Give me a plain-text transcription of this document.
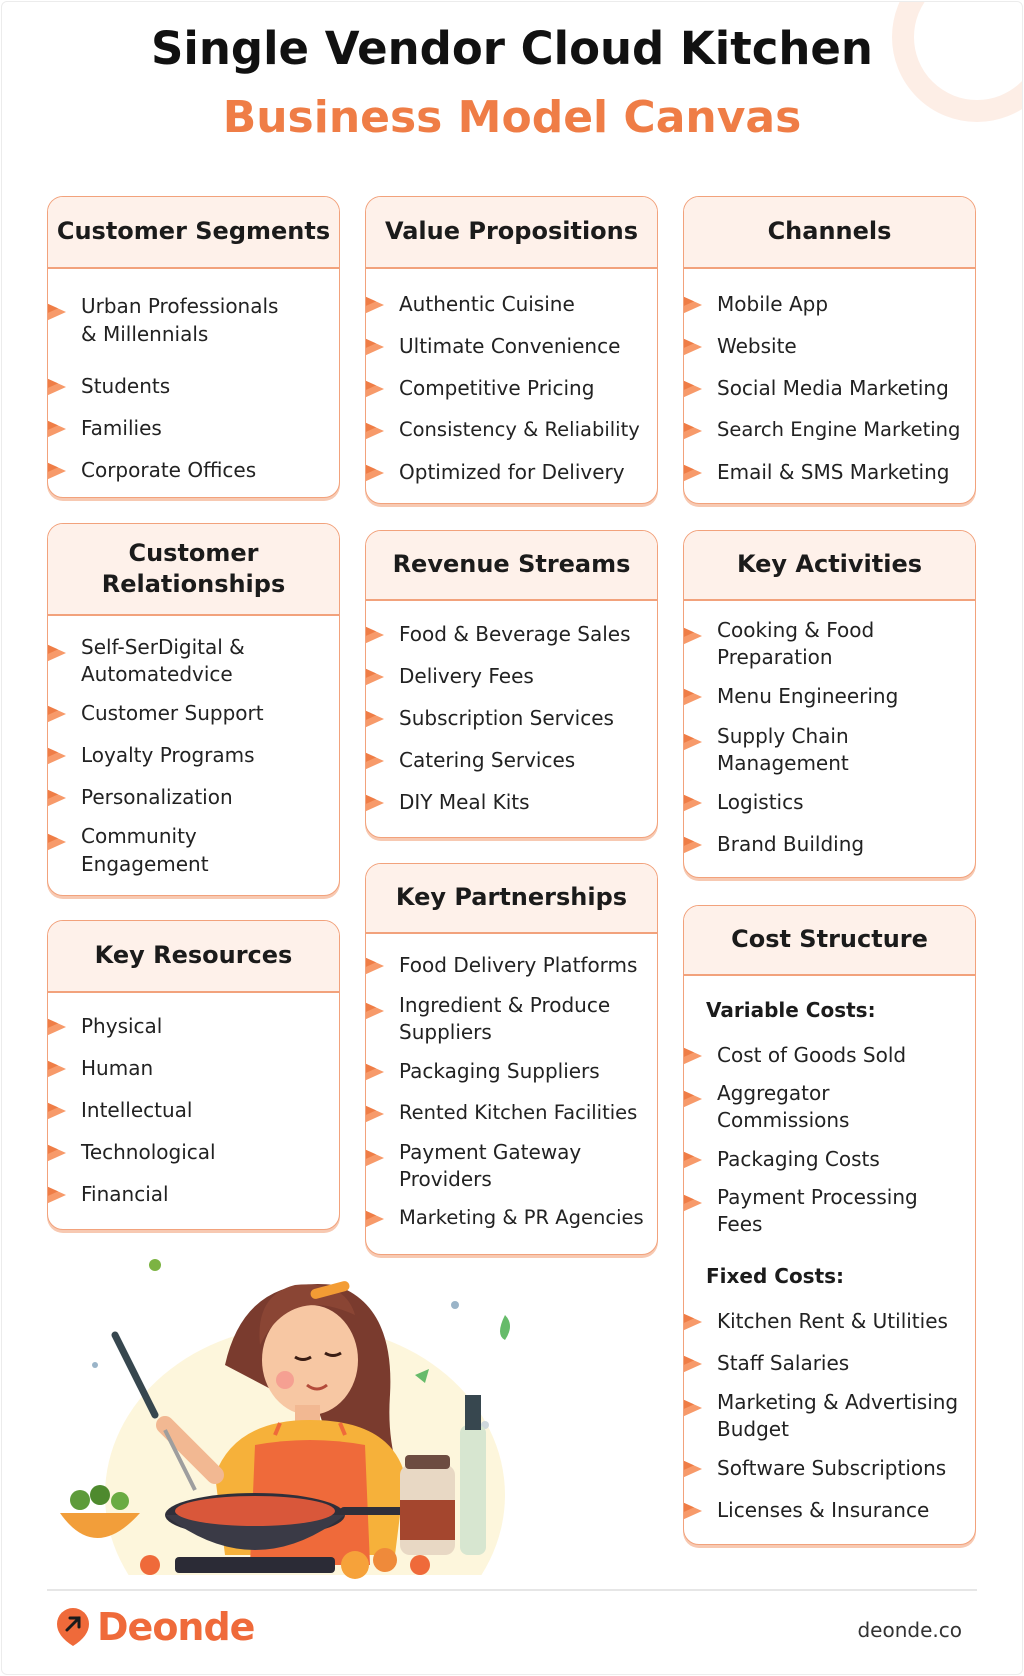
Single Vendor Cloud Kitchen
Business Model Canvas
Customer Segments
Urban Professionals
& Millennials
Students
Families
Corporate Offices
Value Propositions
Authentic Cuisine
Ultimate Convenience
Competitive Pricing
Consistency & Reliability
Optimized for Delivery
Channels
Mobile App
Website
Social Media Marketing
Search Engine Marketing
Email & SMS Marketing
Customer
Relationships
Self-SerDigital &
Automatedvice
Customer Support
Loyalty Programs
Personalization
Community
Engagement
Revenue Streams
Food & Beverage Sales
Delivery Fees
Subscription Services
Catering Services
DIY Meal Kits
Key Activities
Cooking & Food
Preparation
Menu Engineering
Supply Chain
Management
Logistics
Brand Building
Key Resources
Physical
Human
Intellectual
Technological
Financial
Key Partnerships
Food Delivery Platforms
Ingredient & Produce
Suppliers
Packaging Suppliers
Rented Kitchen Facilities
Payment Gateway
Providers
Marketing & PR Agencies
Cost Structure
Variable Costs:
Cost of Goods Sold
Aggregator
Commissions
Packaging Costs
Payment Processing
Fees
Fixed Costs:
Kitchen Rent & Utilities
Staff Salaries
Marketing & Advertising
Budget
Software Subscriptions
Licenses & Insurance
Deonde	deonde.co
